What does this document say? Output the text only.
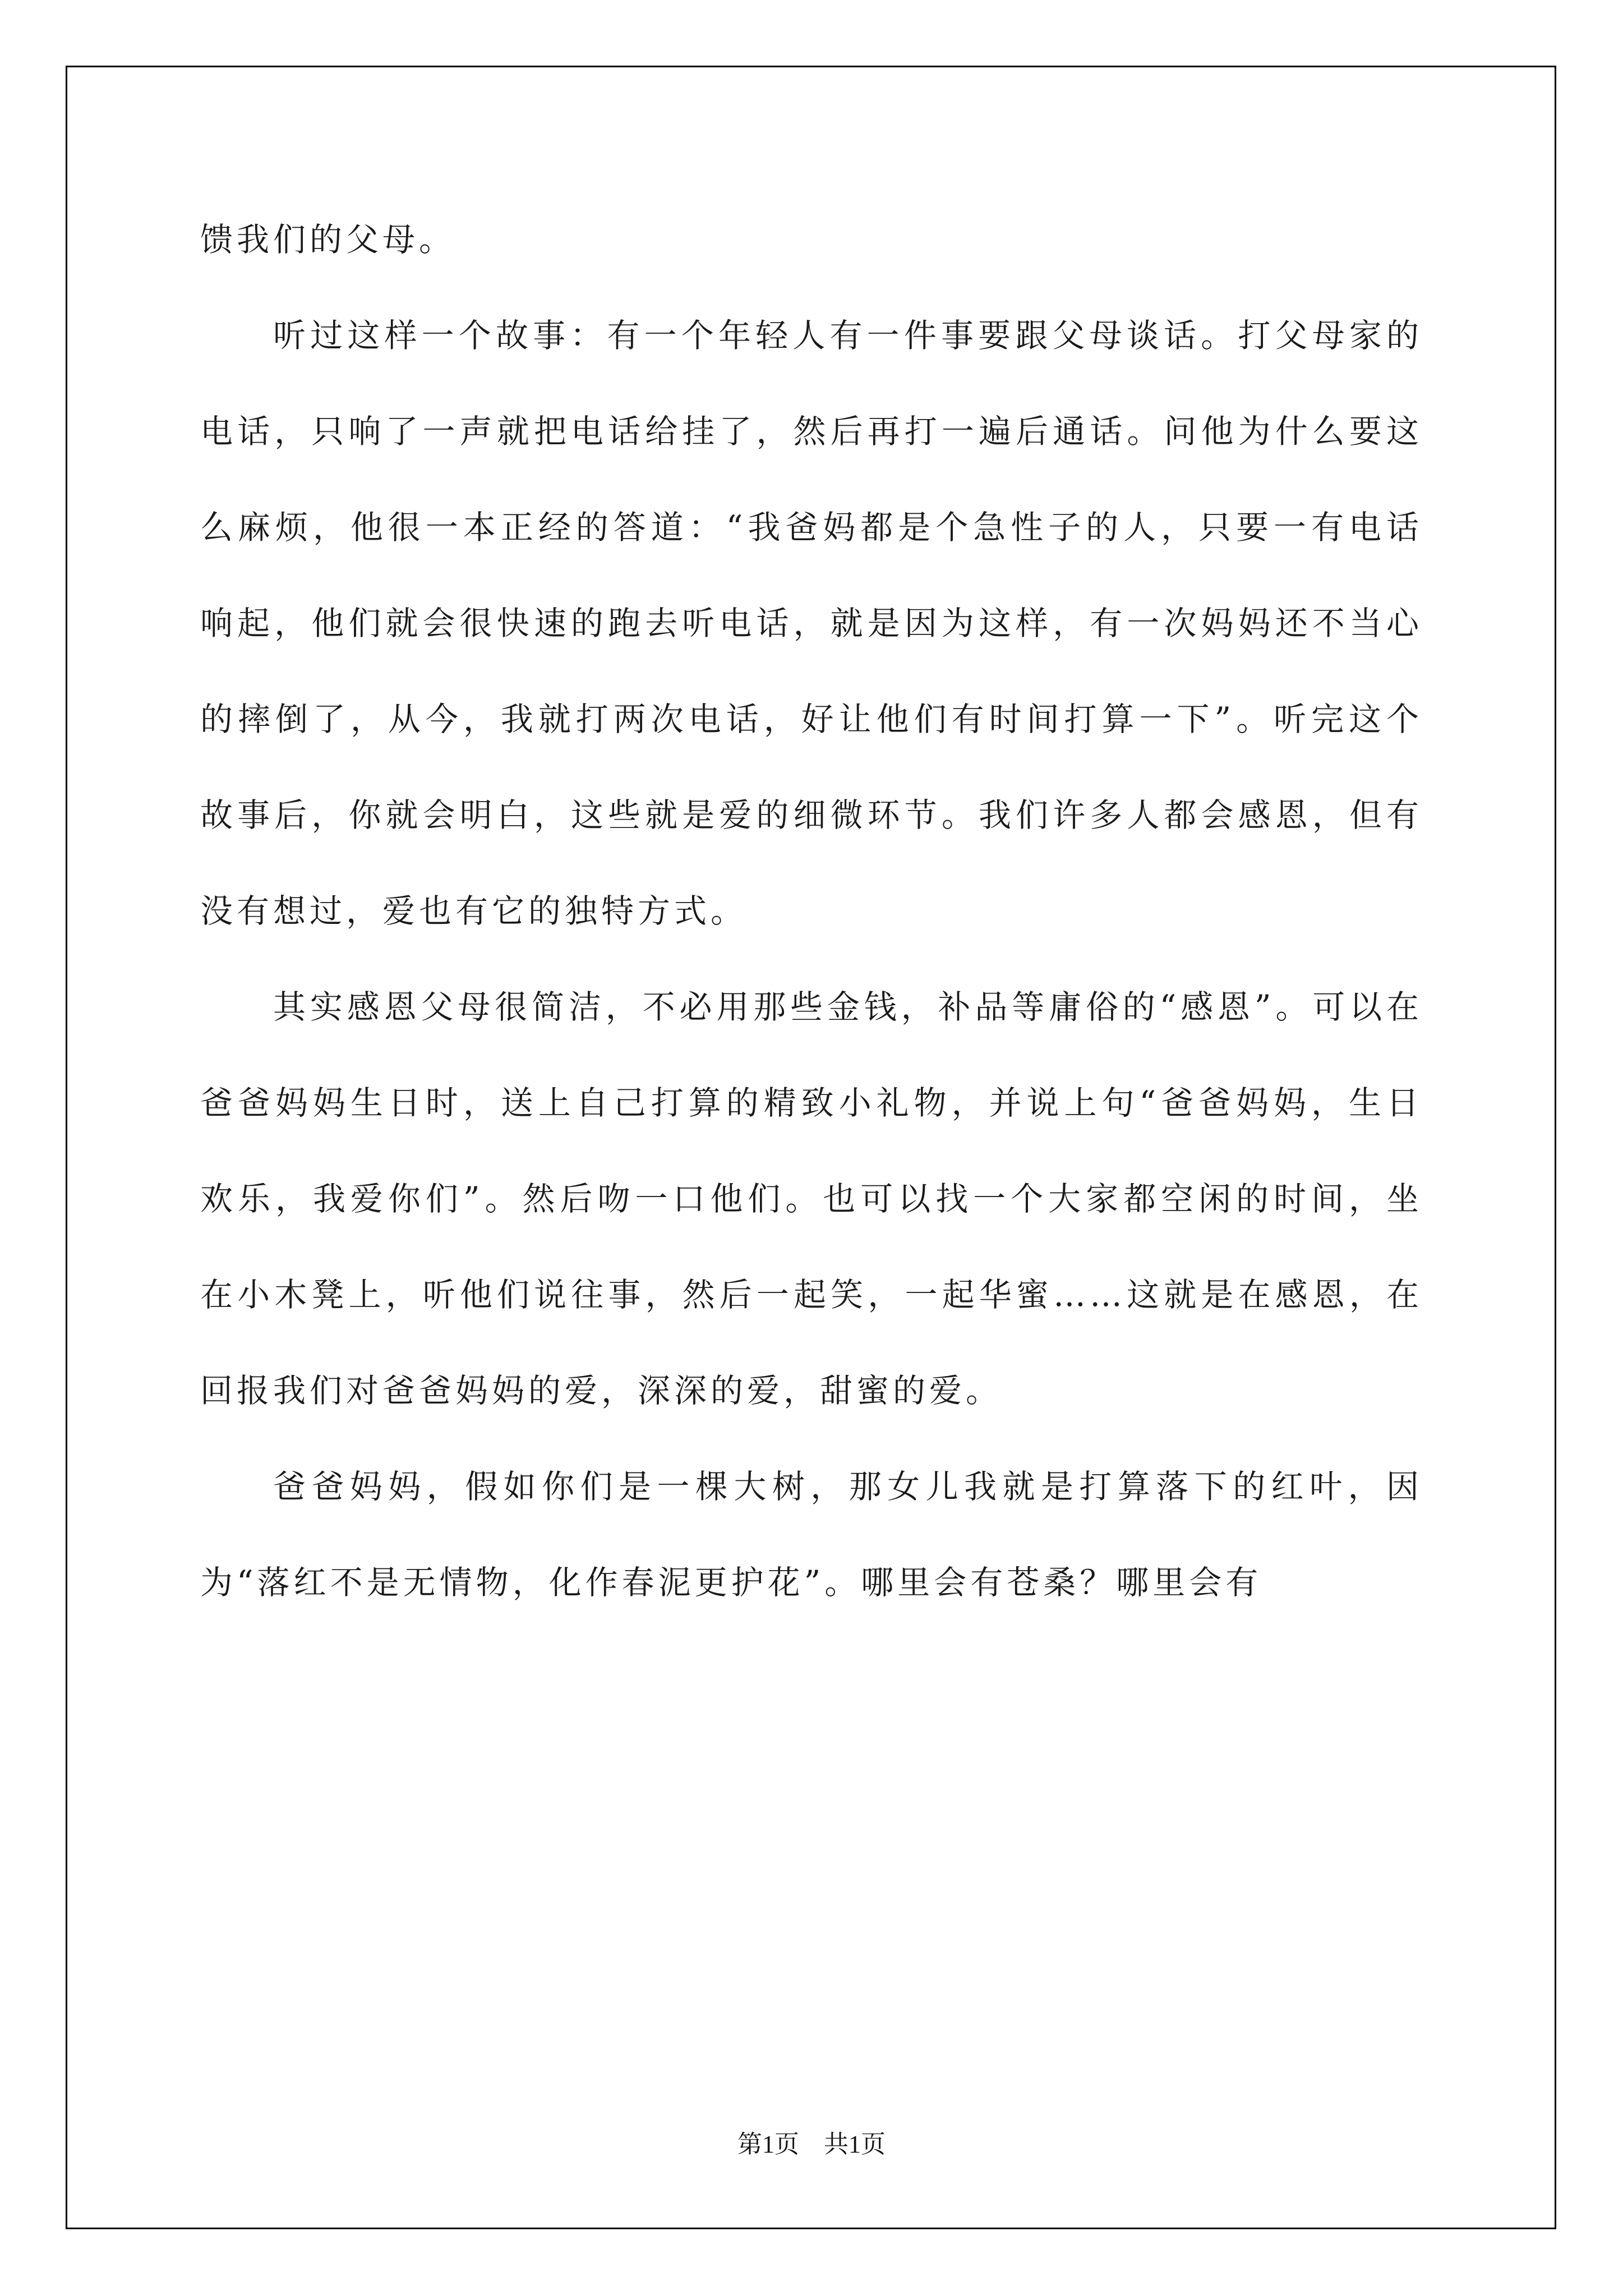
馈我们的父母。

听过这样一个故事：有一个年轻人有一件事要跟父母谈话。打父母家的电话，只响了一声就把电话给挂了，然后再打一遍后通话。问他为什么要这么麻烦，他很一本正经的答道：“我爸妈都是个急性子的人，只要一有电话响起，他们就会很快速的跑去听电话，就是因为这样，有一次妈妈还不当心的摔倒了，从今，我就打两次电话，好让他们有时间打算一下”。听完这个故事后，你就会明白，这些就是爱的细微环节。我们许多人都会感恩，但有没有想过，爱也有它的独特方式。

其实感恩父母很简洁，不必用那些金钱，补品等庸俗的“感恩”。可以在爸爸妈妈生日时，送上自己打算的精致小礼物，并说上句“爸爸妈妈，生日欢乐，我爱你们”。然后吻一口他们。也可以找一个大家都空闲的时间，坐在小木凳上，听他们说往事，然后一起笑，一起华蜜……这就是在感恩，在回报我们对爸爸妈妈的爱，深深的爱，甜蜜的爱。

爸爸妈妈，假如你们是一棵大树，那女儿我就是打算落下的红叶，因为“落红不是无情物，化作春泥更护花”。哪里会有苍桑？哪里会有

第1页 共1页
